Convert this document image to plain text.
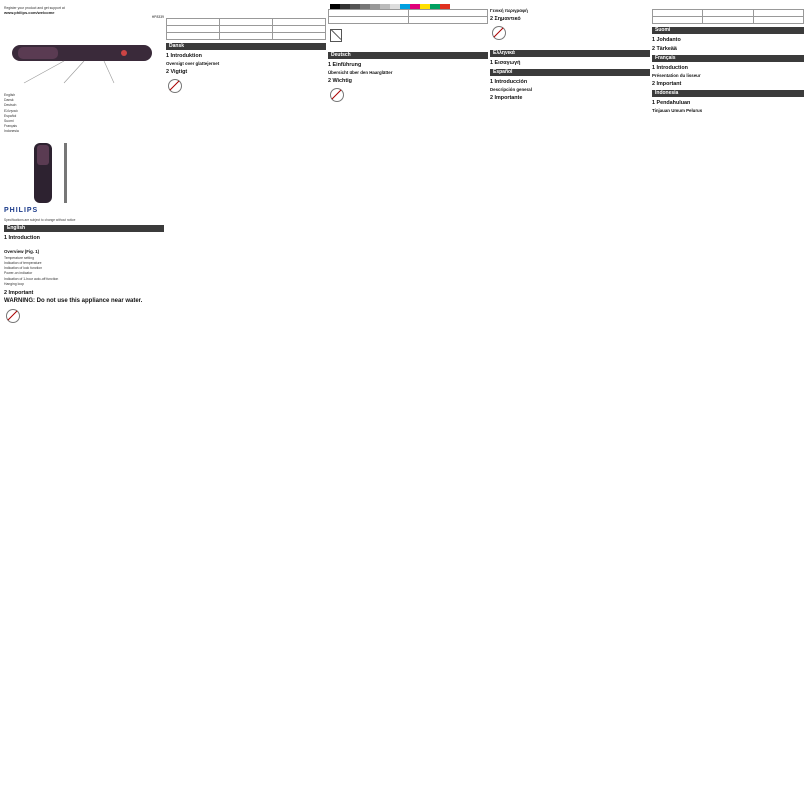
Register your product and get support at
www.philips.com/welcome
HP8339
English
Dansk
Deutsch
Ελληνικά
Español
Suomi
Français
Indonesia
PHILIPS
Specifications are subject to change without notice
English
1 Introduction

Overview (Fig. 1)
Temperature setting
Indication of temperature
Indication of lock function
Power-on indicator
Indication of 1-hour auto-off function
Hanging loop
2 Important
WARNING: Do not use this appliance near water.

Dansk
1 Introduktion
Oversigt over glattejernet
2 Vigtigt

Deutsch
1 Einführung
Übersicht über den Haarglätter
2 Wichtig
Γενική περιγραφή
2 Σημαντικό
Ελληνικά
1 Εισαγωγή
Español
1 Introducción
Descripción general
2 Importante

Suomi
1 Johdanto
2 Tärkeää
Français
1 Introduction
Présentation du lisseur
2 Important
Indonesia
1 Pendahuluan
Tinjauan Umum Pelurus
